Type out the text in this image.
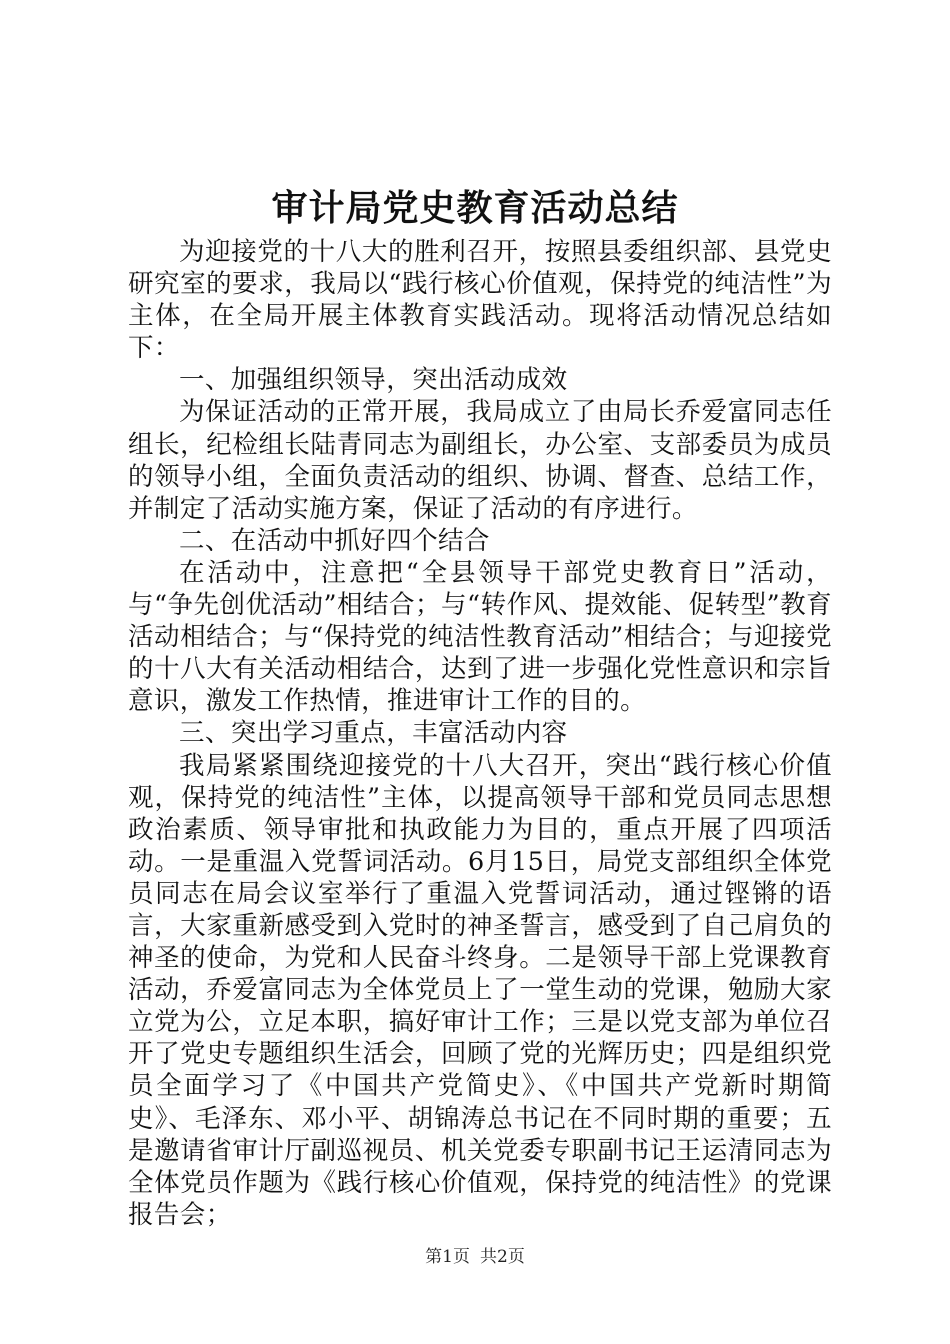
审计局党史教育活动总结

为迎接党的十八大的胜利召开，按照县委组织部、县党史研究室的要求，我局以“践行核心价值观，保持党的纯洁性”为主体，在全局开展主体教育实践活动。现将活动情况总结如下：

一、加强组织领导，突出活动成效

为保证活动的正常开展，我局成立了由局长乔爱富同志任组长，纪检组长陆青同志为副组长，办公室、支部委员为成员的领导小组，全面负责活动的组织、协调、督查、总结工作，并制定了活动实施方案，保证了活动的有序进行。

二、在活动中抓好四个结合

在活动中，注意把“全县领导干部党史教育日”活动，与“争先创优活动”相结合；与“转作风、提效能、促转型”教育活动相结合；与“保持党的纯洁性教育活动”相结合；与迎接党的十八大有关活动相结合，达到了进一步强化党性意识和宗旨意识，激发工作热情，推进审计工作的目的。

三、突出学习重点，丰富活动内容

我局紧紧围绕迎接党的十八大召开，突出“践行核心价值观，保持党的纯洁性”主体，以提高领导干部和党员同志思想政治素质、领导审批和执政能力为目的，重点开展了四项活动。一是重温入党誓词活动。6月15日，局党支部组织全体党员同志在局会议室举行了重温入党誓词活动，通过铿锵的语言，大家重新感受到入党时的神圣誓言，感受到了自己肩负的神圣的使命，为党和人民奋斗终身。二是领导干部上党课教育活动，乔爱富同志为全体党员上了一堂生动的党课，勉励大家立党为公，立足本职，搞好审计工作；三是以党支部为单位召开了党史专题组织生活会，回顾了党的光辉历史；四是组织党员全面学习了《中国共产党简史》、《中国共产党新时期简史》、毛泽东、邓小平、胡锦涛总书记在不同时期的重要；五是邀请省审计厅副巡视员、机关党委专职副书记王运清同志为全体党员作题为《践行核心价值观，保持党的纯洁性》的党课报告会；

第1页 共2页
